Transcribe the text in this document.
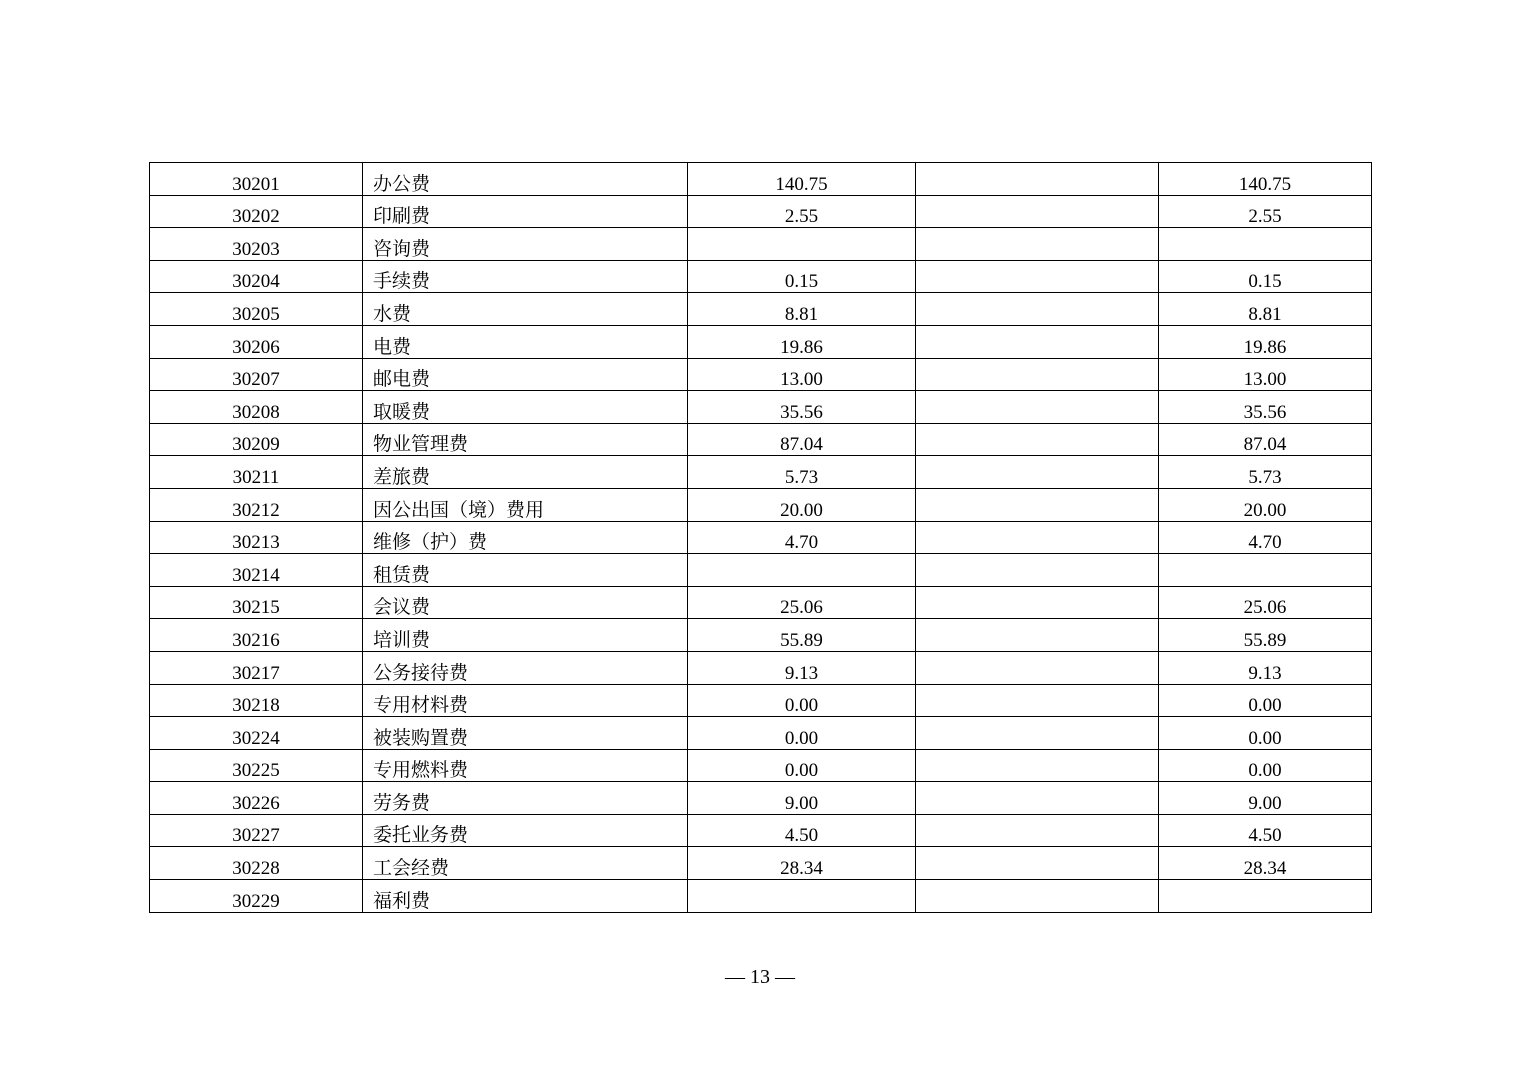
30201	办公费	140.75		140.75
30202	印刷费	2.55		2.55
30203	咨询费			
30204	手续费	0.15		0.15
30205	水费	8.81		8.81
30206	电费	19.86		19.86
30207	邮电费	13.00		13.00
30208	取暖费	35.56		35.56
30209	物业管理费	87.04		87.04
30211	差旅费	5.73		5.73
30212	因公出国（境）费用	20.00		20.00
30213	维修（护）费	4.70		4.70
30214	租赁费			
30215	会议费	25.06		25.06
30216	培训费	55.89		55.89
30217	公务接待费	9.13		9.13
30218	专用材料费	0.00		0.00
30224	被装购置费	0.00		0.00
30225	专用燃料费	0.00		0.00
30226	劳务费	9.00		9.00
30227	委托业务费	4.50		4.50
30228	工会经费	28.34		28.34
30229	福利费			
— 13 —
